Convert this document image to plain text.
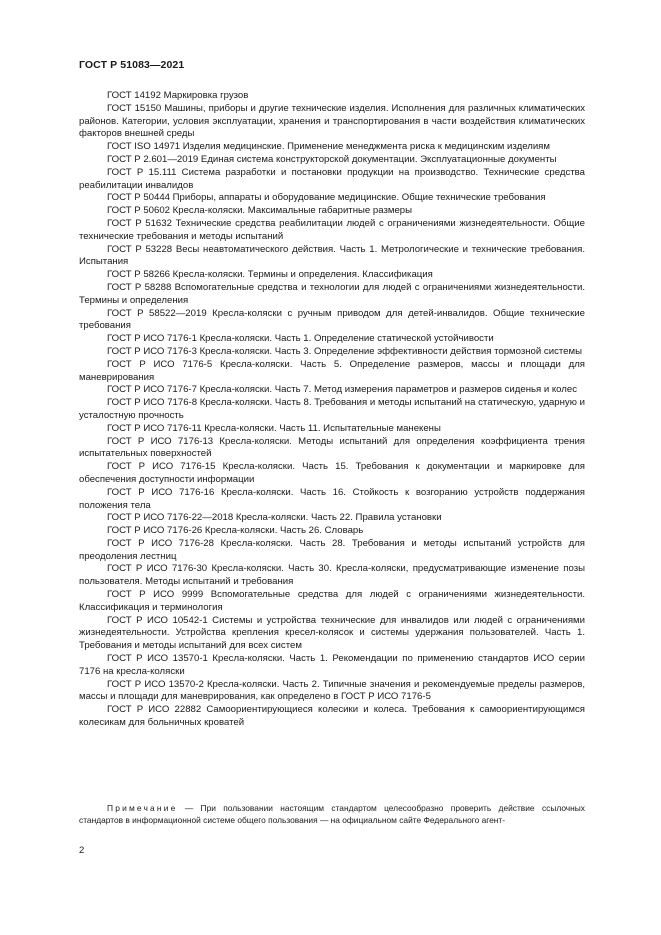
ГОСТ Р 51083—2021

ГОСТ 14192 Маркировка грузов

ГОСТ 15150 Машины, приборы и другие технические изделия. Исполнения для различных климатических районов. Категории, условия эксплуатации, хранения и транспортирования в части воздействия климатических факторов внешней среды

ГОСТ ISO 14971 Изделия медицинские. Применение менеджмента риска к медицинским изделиям

ГОСТ Р 2.601—2019 Единая система конструкторской документации. Эксплуатационные документы

ГОСТ Р 15.111 Система разработки и постановки продукции на производство. Технические средства реабилитации инвалидов

ГОСТ Р 50444 Приборы, аппараты и оборудование медицинские. Общие технические требования

ГОСТ Р 50602 Кресла-коляски. Максимальные габаритные размеры

ГОСТ Р 51632 Технические средства реабилитации людей с ограничениями жизнедеятельности. Общие технические требования и методы испытаний

ГОСТ Р 53228 Весы неавтоматического действия. Часть 1. Метрологические и технические требования. Испытания

ГОСТ Р 58266 Кресла-коляски. Термины и определения. Классификация

ГОСТ Р 58288 Вспомогательные средства и технологии для людей с ограничениями жизнедеятельности. Термины и определения

ГОСТ Р 58522—2019 Кресла-коляски с ручным приводом для детей-инвалидов. Общие технические требования

ГОСТ Р ИСО 7176-1 Кресла-коляски. Часть 1. Определение статической устойчивости

ГОСТ Р ИСО 7176-3 Кресла-коляски. Часть 3. Определение эффективности действия тормозной системы

ГОСТ Р ИСО 7176-5 Кресла-коляски. Часть 5. Определение размеров, массы и площади для маневрирования

ГОСТ Р ИСО 7176-7 Кресла-коляски. Часть 7. Метод измерения параметров и размеров сиденья и колес

ГОСТ Р ИСО 7176-8 Кресла-коляски. Часть 8. Требования и методы испытаний на статическую, ударную и усталостную прочность

ГОСТ Р ИСО 7176-11 Кресла-коляски. Часть 11. Испытательные манекены

ГОСТ Р ИСО 7176-13 Кресла-коляски. Методы испытаний для определения коэффициента трения испытательных поверхностей

ГОСТ Р ИСО 7176-15 Кресла-коляски. Часть 15. Требования к документации и маркировке для обеспечения доступности информации

ГОСТ Р ИСО 7176-16 Кресла-коляски. Часть 16. Стойкость к возгоранию устройств поддержания положения тела

ГОСТ Р ИСО 7176-22—2018 Кресла-коляски. Часть 22. Правила установки

ГОСТ Р ИСО 7176-26 Кресла-коляски. Часть 26. Словарь

ГОСТ Р ИСО 7176-28 Кресла-коляски. Часть 28. Требования и методы испытаний устройств для преодоления лестниц

ГОСТ Р ИСО 7176-30 Кресла-коляски. Часть 30. Кресла-коляски, предусматривающие изменение позы пользователя. Методы испытаний и требования

ГОСТ Р ИСО 9999 Вспомогательные средства для людей с ограничениями жизнедеятельности. Классификация и терминология

ГОСТ Р ИСО 10542-1 Системы и устройства технические для инвалидов или людей с ограничениями жизнедеятельности. Устройства крепления кресел-колясок и системы удержания пользователей. Часть 1. Требования и методы испытаний для всех систем

ГОСТ Р ИСО 13570-1 Кресла-коляски. Часть 1. Рекомендации по применению стандартов ИСО серии 7176 на кресла-коляски

ГОСТ Р ИСО 13570-2 Кресла-коляски. Часть 2. Типичные значения и рекомендуемые пределы размеров, массы и площади для маневрирования, как определено в ГОСТ Р ИСО 7176-5

ГОСТ Р ИСО 22882 Самоориентирующиеся колесики и колеса. Требования к самоориентирующимся колесикам для больничных кроватей

Примечание — При пользовании настоящим стандартом целесообразно проверить действие ссылочных стандартов в информационной системе общего пользования — на официальном сайте Федерального агент-

2
